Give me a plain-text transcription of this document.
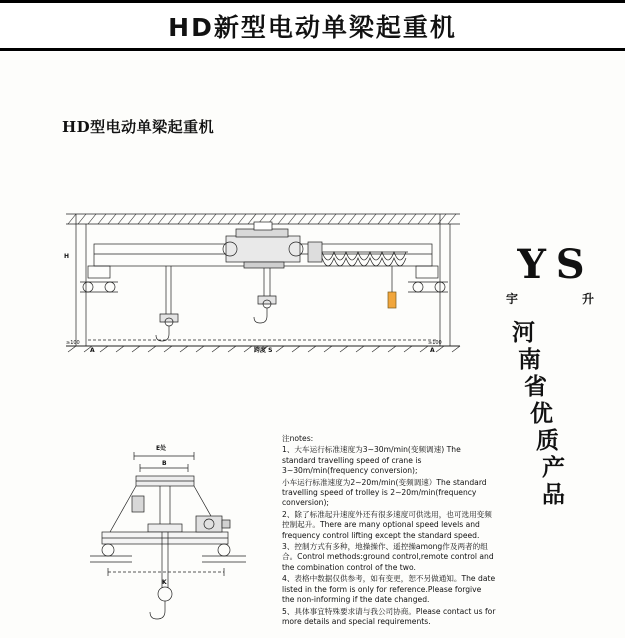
HD新型电动单梁起重机
HD型电动单梁起重机
≥100	≥100
A	A
跨度 S
H
E处
B
K
Y S
宇	升
河
南
省
优
质
产
品

注notes:

1、大车运行标准速度为3~30m/min(变频调速) The standard travelling speed of crane is 3~30m/min(frequency conversion);

小车运行标准速度为2~20m/min(变频调速）The standard travelling speed of trolley is 2~20m/min(frequency conversion);

2、除了标准起升速度外还有很多速度可供选用，也可选用变频控制起升。There are many optional speed levels and frequency control lifting except the standard speed.

3、控制方式有多种，地操操作、遥控操among作及两者的组合。Control methods:ground control,remote control and the combination control of the two.

4、表格中数据仅供参考，如有变更，恕不另做通知。The date listed in the form is only for reference.Please forgive the non-informing if the date changed.

5、具体事宜特殊要求请与我公司协商。Please contact us for more details and special requirements.
